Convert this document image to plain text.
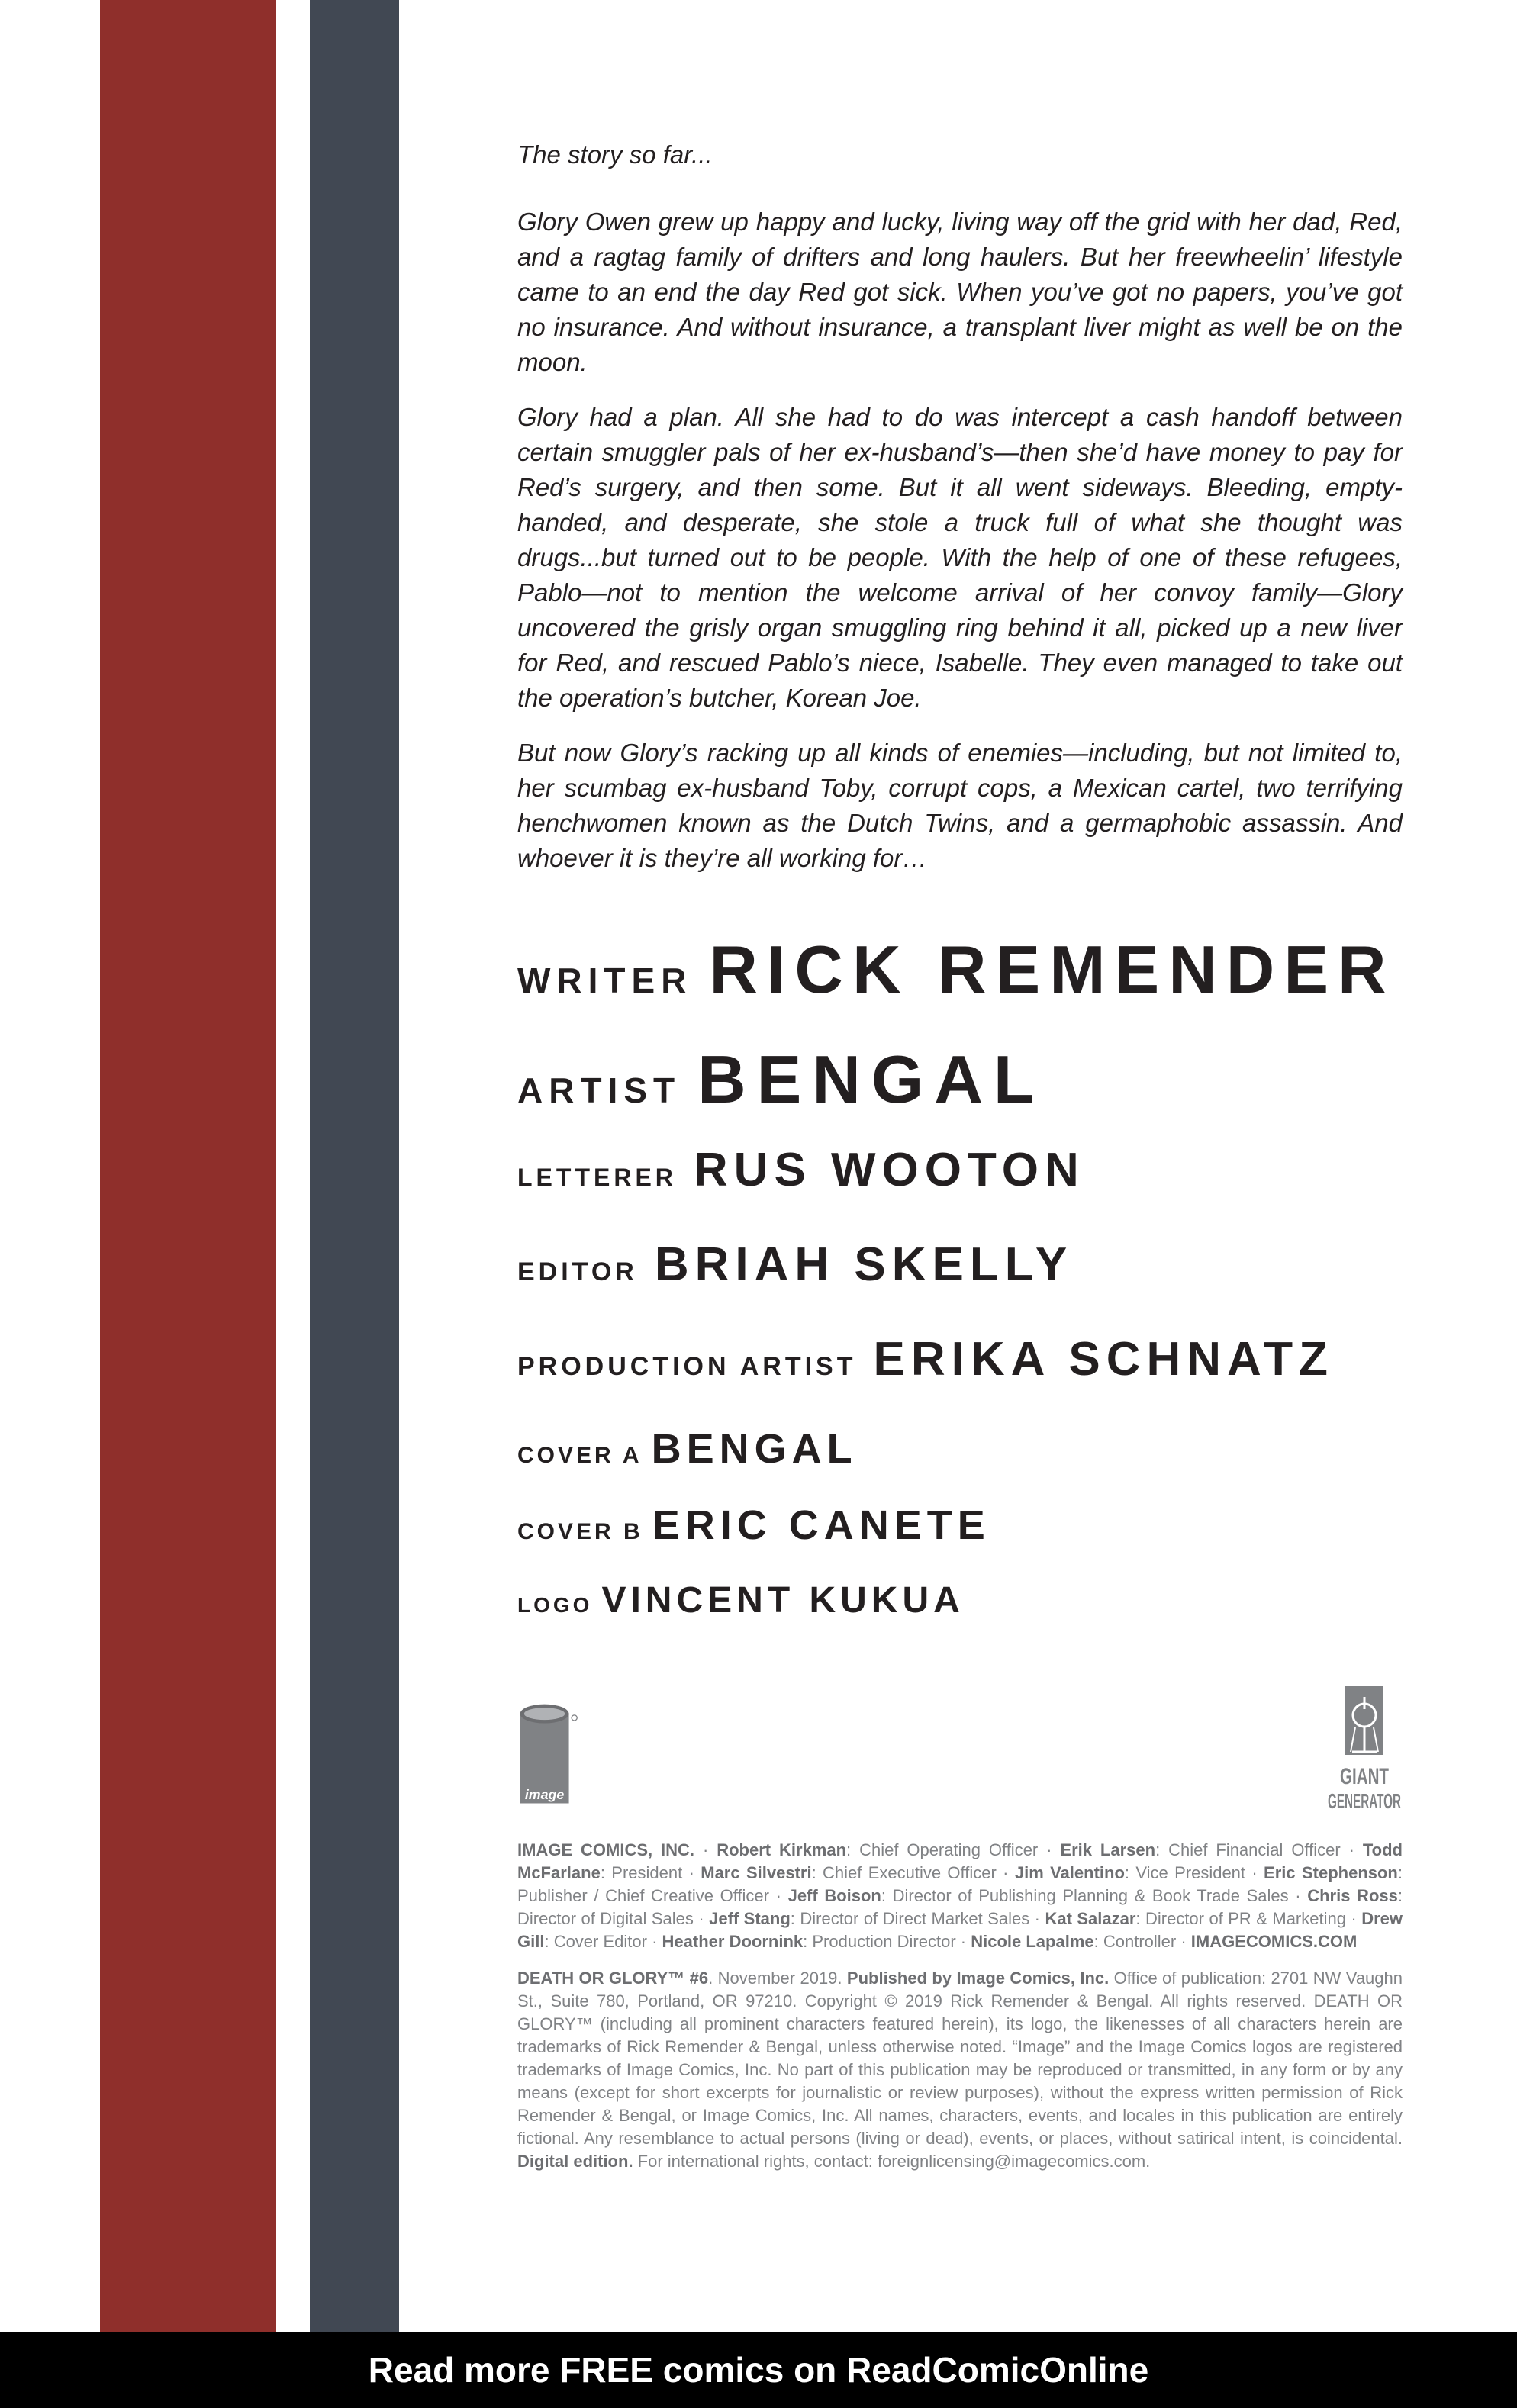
The story so far...

Glory Owen grew up happy and lucky, living way off the grid with her dad, Red, and a ragtag family of drifters and long haulers. But her freewheelin’ lifestyle came to an end the day Red got sick. When you’ve got no papers, you’ve got no insurance. And without insurance, a transplant liver might as well be on the moon.

Glory had a plan. All she had to do was intercept a cash handoff between certain smuggler pals of her ex-husband’s—then she’d have money to pay for Red’s surgery, and then some. But it all went sideways. Bleeding, empty-handed, and desperate, she stole a truck full of what she thought was drugs...but turned out to be people. With the help of one of these refugees, Pablo—not to mention the welcome arrival of her convoy family—Glory uncovered the grisly organ smuggling ring behind it all, picked up a new liver for Red, and rescued Pablo’s niece, Isabelle. They even managed to take out the operation’s butcher, Korean Joe.

But now Glory’s racking up all kinds of enemies—including, but not limited to, her scumbag ex-husband Toby, corrupt cops, a Mexican cartel, two terrifying henchwomen known as the Dutch Twins, and a germaphobic assassin. And whoever it is they’re all working for…

WRITER RICK REMENDER
ARTIST BENGAL
LETTERER RUS WOOTON
EDITOR BRIAH SKELLY
PRODUCTION ARTIST ERIKA SCHNATZ
COVER A BENGAL
COVER B ERIC CANETE
LOGO VINCENT KUKUA
image
GIANT
GENERATOR

IMAGE COMICS, INC. · Robert Kirkman: Chief Operating Officer · Erik Larsen: Chief Financial Officer · Todd McFarlane: President · Marc Silvestri: Chief Executive Officer · Jim Valentino: Vice President · Eric Stephenson: Publisher / Chief Creative Officer · Jeff Boison: Director of Publishing Planning & Book Trade Sales · Chris Ross: Director of Digital Sales · Jeff Stang: Director of Direct Market Sales · Kat Salazar: Director of PR & Marketing · Drew Gill: Cover Editor · Heather Doornink: Production Director · Nicole Lapalme: Controller · IMAGECOMICS.COM

DEATH OR GLORY™ #6. November 2019. Published by Image Comics, Inc. Office of publication: 2701 NW Vaughn St., Suite 780, Portland, OR 97210. Copyright © 2019 Rick Remender & Bengal. All rights reserved. DEATH OR GLORY™ (including all prominent characters featured herein), its logo, the likenesses of all characters herein are trademarks of Rick Remender & Bengal, unless otherwise noted. “Image” and the Image Comics logos are registered trademarks of Image Comics, Inc. No part of this publication may be reproduced or transmitted, in any form or by any means (except for short excerpts for journalistic or review purposes), without the express written permission of Rick Remender & Bengal, or Image Comics, Inc. All names, characters, events, and locales in this publication are entirely fictional. Any resemblance to actual persons (living or dead), events, or places, without satirical intent, is coincidental. Digital edition. For international rights, contact: foreignlicensing@imagecomics.com.

Read more FREE comics on ReadComicOnline
